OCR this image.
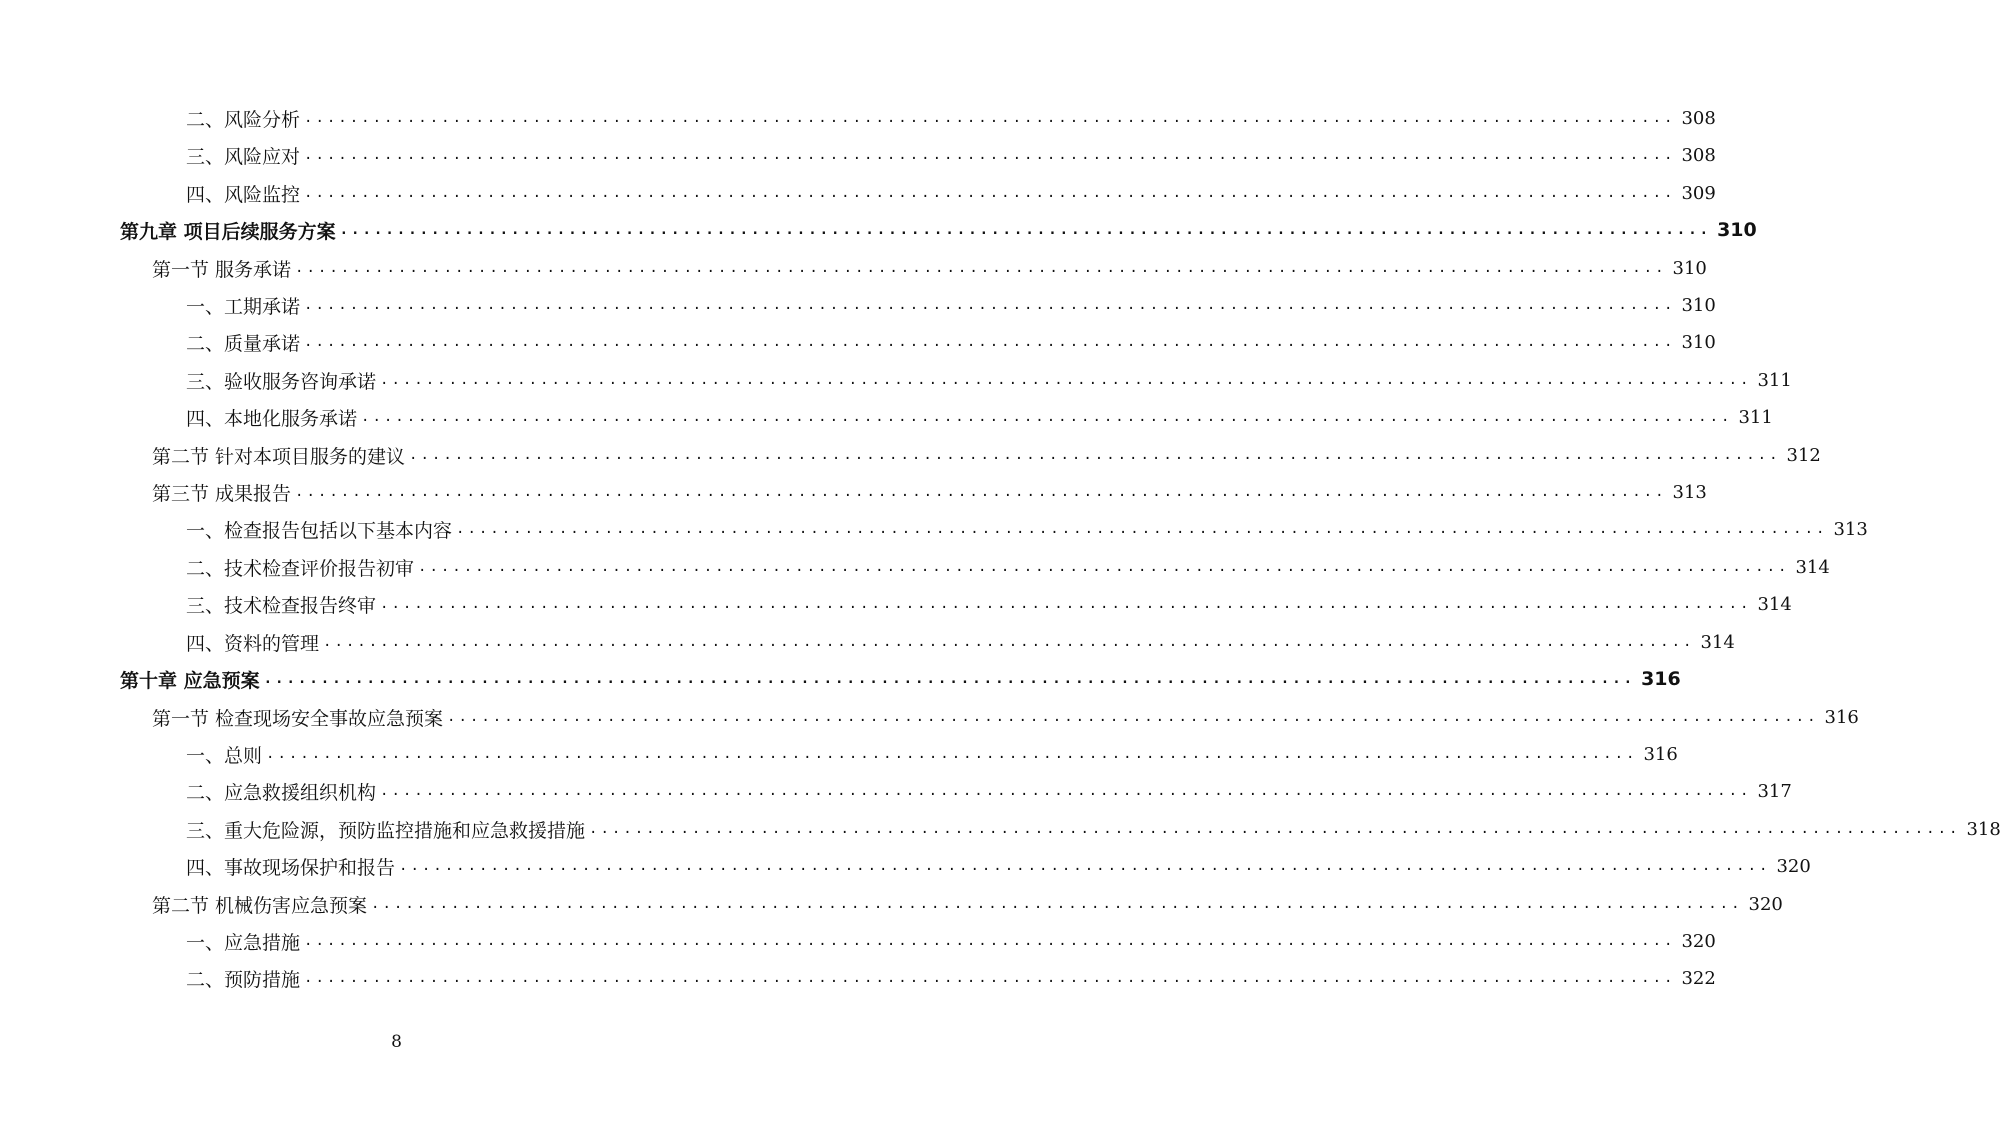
二、风险分析 ........................................................................................................................ 308
三、风险应对 ........................................................................................................................ 308
四、风险监控 ........................................................................................................................ 309
第九章 项目后续服务方案 ........................................................................................................................ 310
第一节 服务承诺 ........................................................................................................................ 310
一、工期承诺 ........................................................................................................................ 310
二、质量承诺 ........................................................................................................................ 310
三、验收服务咨询承诺 ........................................................................................................................ 311
四、本地化服务承诺 ........................................................................................................................ 311
第二节 针对本项目服务的建议 ........................................................................................................................ 312
第三节 成果报告 ........................................................................................................................ 313
一、检查报告包括以下基本内容 ........................................................................................................................ 313
二、技术检查评价报告初审 ........................................................................................................................ 314
三、技术检查报告终审 ........................................................................................................................ 314
四、资料的管理 ........................................................................................................................ 314
第十章 应急预案 ........................................................................................................................ 316
第一节 检查现场安全事故应急预案 ........................................................................................................................ 316
一、总则 ........................................................................................................................ 316
二、应急救援组织机构 ........................................................................................................................ 317
三、重大危险源，预防监控措施和应急救援措施 ........................................................................................................................ 318
四、事故现场保护和报告 ........................................................................................................................ 320
第二节 机械伤害应急预案 ........................................................................................................................ 320
一、应急措施 ........................................................................................................................ 320
二、预防措施 ........................................................................................................................ 322
8
